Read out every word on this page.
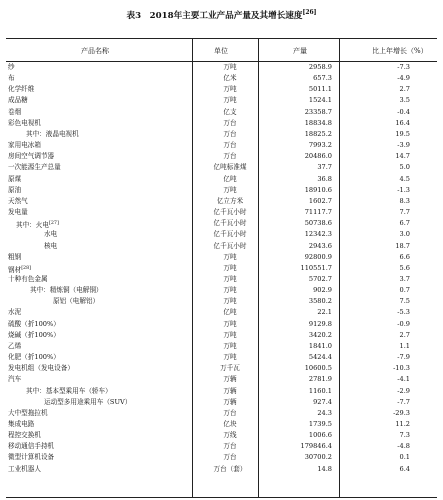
表3　2018年主要工业产品产量及其增长速度[26]
产品名称	单位	产量	比上年增长（%）
纱	万吨	2958.9	-7.3
布	亿米	657.3	-4.9
化学纤维	万吨	5011.1	2.7
成品糖	万吨	1524.1	3.5
卷烟	亿支	23358.7	-0.4
彩色电视机	万台	18834.8	16.4
其中：液晶电视机	万台	18825.2	19.5
家用电冰箱	万台	7993.2	-3.9
房间空气调节器	万台	20486.0	14.7
一次能源生产总量	亿吨标准煤	37.7	5.0
原煤	亿吨	36.8	4.5
原油	万吨	18910.6	-1.3
天然气	亿立方米	1602.7	8.3
发电量	亿千瓦小时	71117.7	7.7
其中：火电[27]	亿千瓦小时	50738.6	6.7
水电	亿千瓦小时	12342.3	3.0
核电	亿千瓦小时	2943.6	18.7
粗钢	万吨	92800.9	6.6
钢材[28]	万吨	110551.7	5.6
十种有色金属	万吨	5702.7	3.7
其中：精炼铜（电解铜）	万吨	902.9	0.7
原铝（电解铝）	万吨	3580.2	7.5
水泥	亿吨	22.1	-5.3
硫酸（折100%）	万吨	9129.8	-0.9
烧碱（折100%）	万吨	3420.2	2.7
乙烯	万吨	1841.0	1.1
化肥（折100%）	万吨	5424.4	-7.9
发电机组（发电设备）	万千瓦	10600.5	-10.3
汽车	万辆	2781.9	-4.1
其中：基本型乘用车（轿车）	万辆	1160.1	-2.9
运动型多用途乘用车（SUV）	万辆	927.4	-7.7
大中型拖拉机	万台	24.3	-29.3
集成电路	亿块	1739.5	11.2
程控交换机	万线	1006.6	7.3
移动通信手持机	万台	179846.4	-4.8
微型计算机设备	万台	30700.2	0.1
工业机器人	万台（套）	14.8	6.4
